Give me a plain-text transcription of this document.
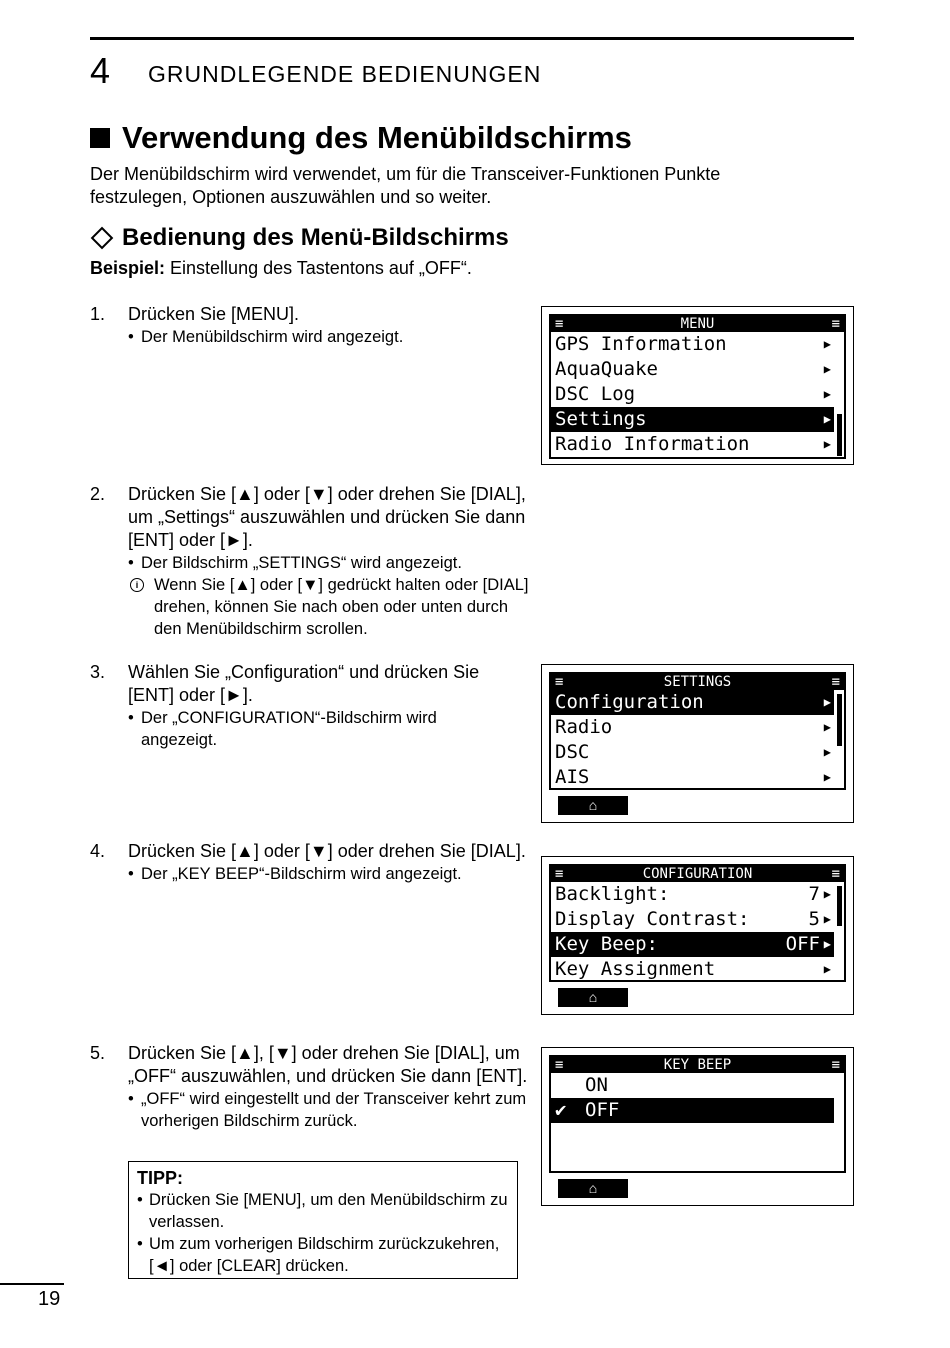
4 GRUNDLEGENDE BEDIENUNGEN
Verwendung des Menübildschirms
Der Menübildschirm wird verwendet, um für die Transceiver-Funktionen Punkte festzulegen, Optionen auszuwählen und so weiter.
Bedienung des Menü-Bildschirms
Beispiel: Einstellung des Tastentons auf „OFF“.
1. Drücken Sie [MENU].
• Der Menübildschirm wird angezeigt.
2. Drücken Sie [▲] oder [▼] oder drehen Sie [DIAL], um „Settings“ auszuwählen und drücken Sie dann [ENT] oder [►].
• Der Bildschirm „SETTINGS“ wird angezeigt.
i Wenn Sie [▲] oder [▼] gedrückt halten oder [DIAL] drehen, können Sie nach oben oder unten durch den Menübildschirm scrollen.
3. Wählen Sie „Configuration“ und drücken Sie [ENT] oder [►].
• Der „CONFIGURATION“-Bildschirm wird angezeigt.
4. Drücken Sie [▲] oder [▼] oder drehen Sie [DIAL].
• Der „KEY BEEP“-Bildschirm wird angezeigt.
5. Drücken Sie [▲], [▼] oder drehen Sie [DIAL], um „OFF“ auszuwählen, und drücken Sie dann [ENT].
• „OFF“ wird eingestellt und der Transceiver kehrt zum vorherigen Bildschirm zurück.
TIPP:
• Drücken Sie [MENU], um den Menübildschirm zu verlassen.
• Um zum vorherigen Bildschirm zurückzukehren, [◄] oder [CLEAR] drücken.
≡	MENU	≡
GPS Information	▶
AquaQuake	▶
DSC Log	▶
Settings	▶
Radio Information	▶
≡	SETTINGS	≡
Configuration	▶
Radio	▶
DSC	▶
AIS	▶
⌂
≡	CONFIGURATION	≡
Backlight:	7 ▶
Display Contrast:	5 ▶
Key Beep:	OFF ▶
Key Assignment	▶
⌂
≡	KEY BEEP	≡
ON
✔ OFF
⌂
19
